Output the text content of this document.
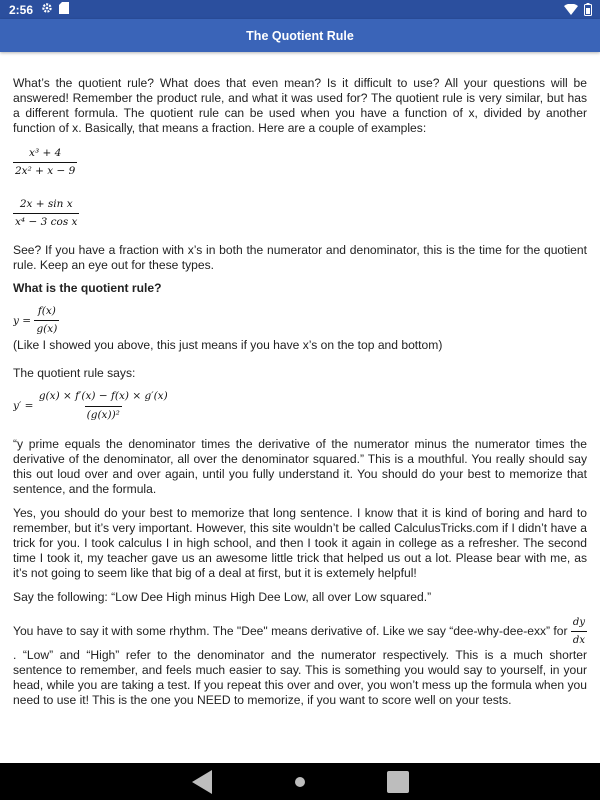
2:56
The Quotient Rule

What’s the quotient rule? What does that even mean? Is it difficult to use? All your questions will be answered! Remember the product rule, and what it was used for? The quotient rule is very similar, but has a different formula. The quotient rule can be used when you have a function of x, divided by another function of x. Basically, that means a fraction. Here are a couple of examples:

$\frac{\text{x³ + 4}}{\text{2x² + x − 9}}$
$\frac{\text{2x + sin x}}{\text{x⁴ − 3 cos x}}$

See? If you have a fraction with x’s in both the numerator and denominator, this is the time for the quotient rule. Keep an eye out for these types.

What is the quotient rule?

$y = \frac{f(x)}{g(x)}$

(Like I showed you above, this just means if you have x’s on the top and bottom)

The quotient rule says:

$y' = \frac{g(x) \times f'(x) - f(x) \times g'(x)}{\text{(g(x))²}}$

“y prime equals the denominator times the derivative of the numerator minus the numerator times the derivative of the denominator, all over the denominator squared.” This is a mouthful. You really should say this out loud over and over again, until you fully understand it. You should do your best to memorize that sentence, and the formula.

Yes, you should do your best to memorize that long sentence. I know that it is kind of boring and hard to remember, but it’s very important. However, this site wouldn’t be called CalculusTricks.com if I didn’t have a trick for you. I took calculus I in high school, and then I took it again in college as a refresher. The second time I took it, my teacher gave us an awesome little trick that helped us out a lot. Please bear with me, as it’s not going to seem like that big of a deal at first, but it is extemely helpful!

Say the following: “Low Dee High minus High Dee Low, all over Low squared.”

You have to say it with some rhythm. The "Dee" means derivative of. Like we say “dee-why-dee-exx” for $\frac{dy}{dx}$
. “Low” and “High” refer to the denominator and the numerator respectively. This is a much shorter sentence to remember, and feels much easier to say. This is something you would say to yourself, in your head, while you are taking a test. If you repeat this over and over, you won’t mess up the formula when you need to use it! This is the one you NEED to memorize, if you want to score well on your tests.
